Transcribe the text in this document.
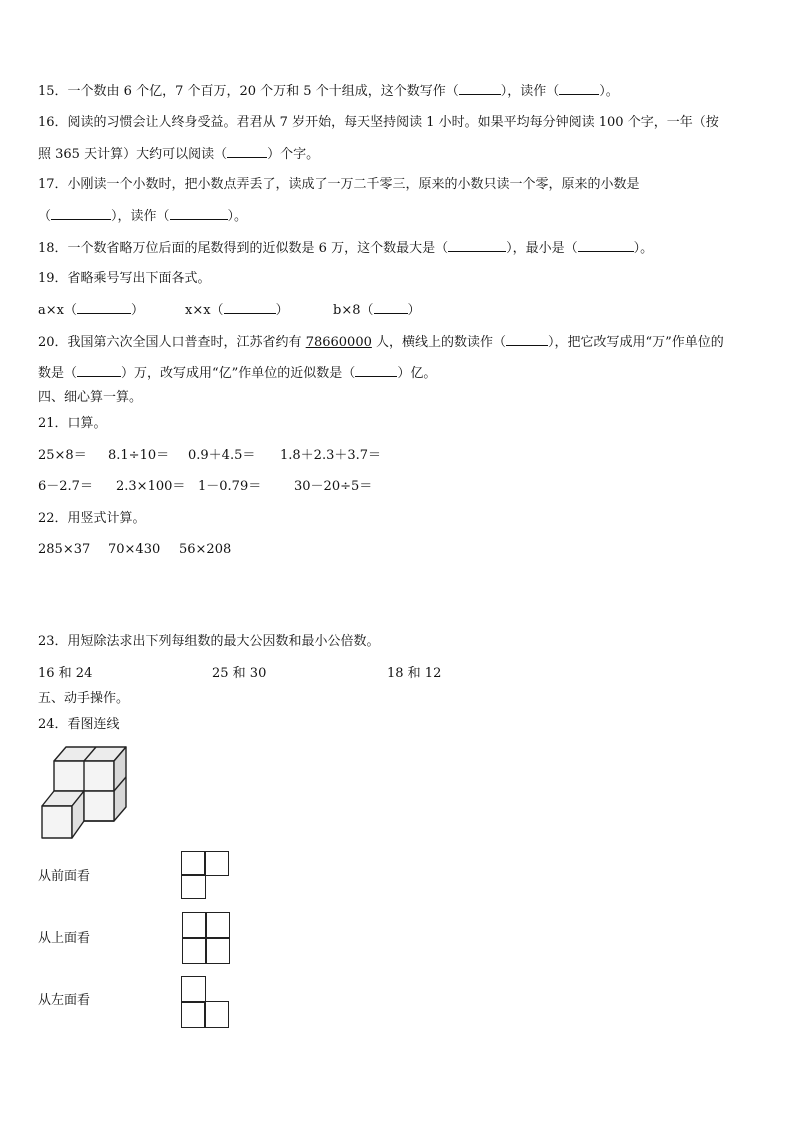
15．一个数由 6 个亿，7 个百万，20 个万和 5 个十组成，这个数写作（	），读作（	）。
16．阅读的习惯会让人终身受益。君君从 7 岁开始，每天坚持阅读 1 小时。如果平均每分钟阅读 100 个字，一年（按
照 365 天计算）大约可以阅读（	）个字。
17．小刚读一个小数时，把小数点弄丢了，读成了一万二千零三，原来的小数只读一个零，原来的小数是
（	），读作（	）。
18．一个数省略万位后面的尾数得到的近似数是 6 万，这个数最大是（	），最小是（	）。
19．省略乘号写出下面各式。
a×x（	）	x×x（	）	b×8（	）
20．我国第六次全国人口普查时，江苏省约有 78660000 人，横线上的数读作（	），把它改写成用“万”作单位的
数是（	）万，改写成用“亿”作单位的近似数是（	）亿。
四、细心算一算。
21．口算。
25×8＝ 8.1÷10＝ 0.9＋4.5＝ 1.8＋2.3＋3.7＝
6－2.7＝ 2.3×100＝ 1－0.79＝	30－20÷5＝
22．用竖式计算。
285×37 70×430 56×208
23．用短除法求出下列每组数的最大公因数和最小公倍数。
16 和 24	25 和 30	18 和 12
五、动手操作。
24．看图连线
从前面看
从上面看
从左面看
